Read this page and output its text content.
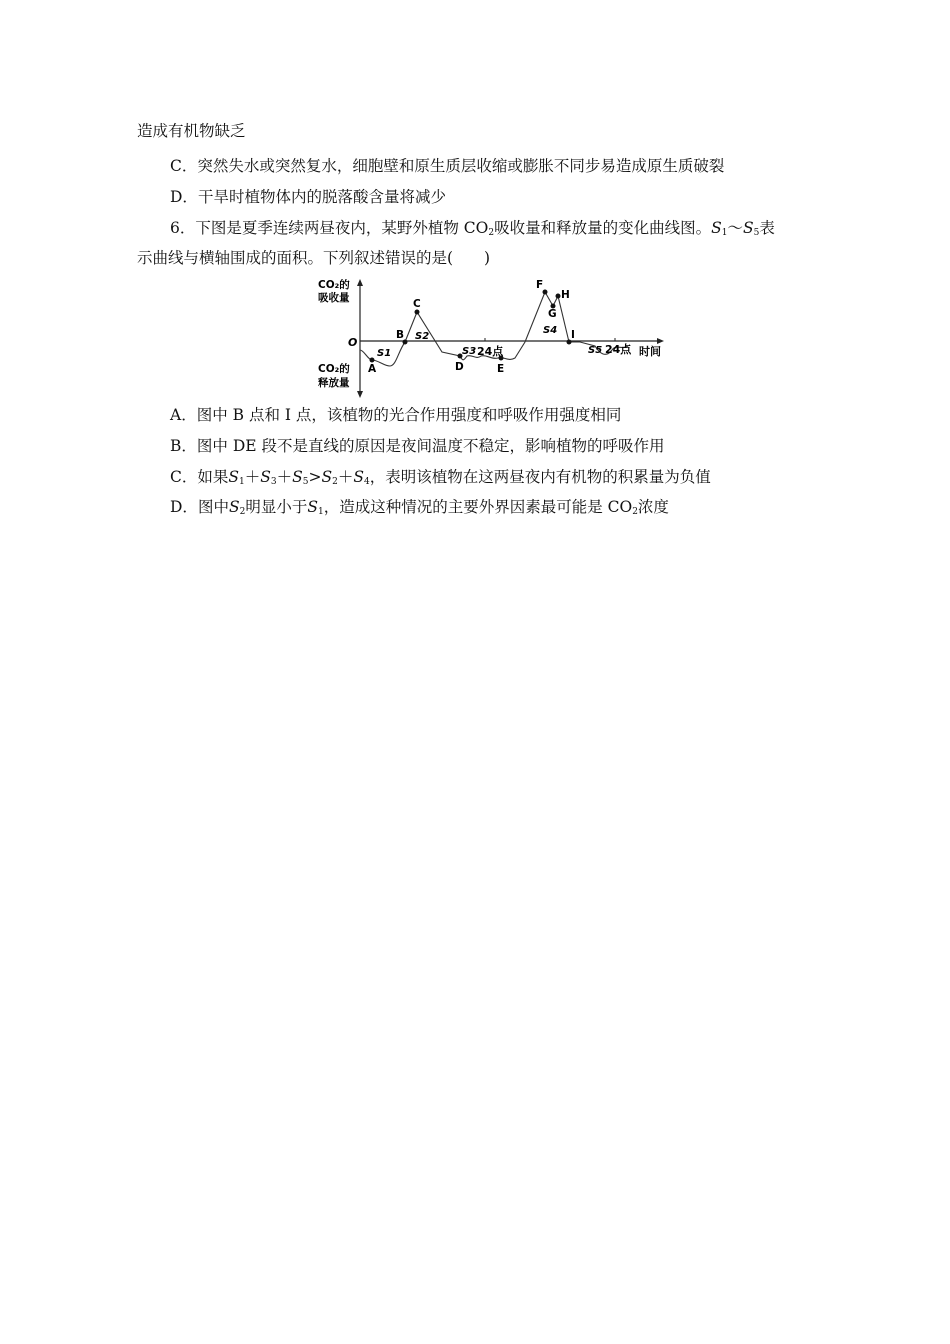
造成有机物缺乏
C．突然失水或突然复水，细胞壁和原生质层收缩或膨胀不同步易造成原生质破裂
D．干旱时植物体内的脱落酸含量将减少
6．下图是夏季连续两昼夜内，某野外植物 $CO_2$吸收量和释放量的变化曲线图。$S_1\sim S_5$表
示曲线与横轴围成的面积。下列叙述错误的是(　　)
CO₂的
吸收量
CO₂的
释放量
O
时间
24点	24点
A
B
C
D	E
F
G
H
I
S1
S2
S3
S4
S5
A．图中 B 点和 I 点，该植物的光合作用强度和呼吸作用强度相同
B．图中 DE 段不是直线的原因是夜间温度不稳定，影响植物的呼吸作用
C．如果$S_1+S_3+S_5>S_2+S_4$，表明该植物在这两昼夜内有机物的积累量为负值
D．图中$S_2$明显小于$S_1$，造成这种情况的主要外界因素最可能是 $CO_2$浓度
